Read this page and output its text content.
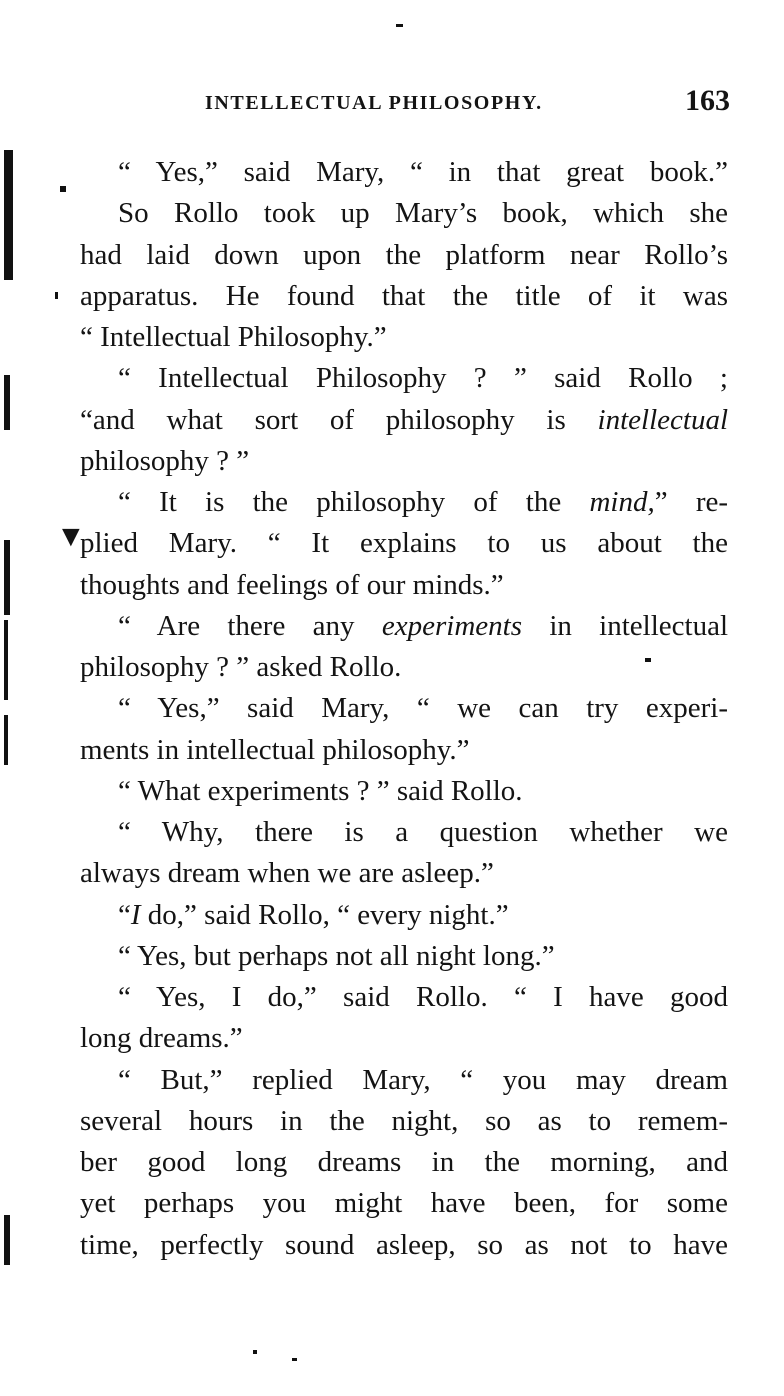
▼
INTELLECTUAL PHILOSOPHY.	163
“ Yes,” said Mary, “ in that great book.”
So Rollo took up Mary’s book, which she
had laid down upon the platform near Rollo’s
apparatus. He found that the title of it was
“ Intellectual Philosophy.”
“ Intellectual Philosophy ? ” said Rollo ;
“and what sort of philosophy is intellectual
philosophy ? ”
“ It is the philosophy of the mind,” re-
plied Mary. “ It explains to us about the
thoughts and feelings of our minds.”
“ Are there any experiments in intellectual
philosophy ? ” asked Rollo.
“ Yes,” said Mary, “ we can try experi-
ments in intellectual philosophy.”
“ What experiments ? ” said Rollo.
“ Why, there is a question whether we
always dream when we are asleep.”
“I do,” said Rollo, “ every night.”
“ Yes, but perhaps not all night long.”
“ Yes, I do,” said Rollo. “ I have good
long dreams.”
“ But,” replied Mary, “ you may dream
several hours in the night, so as to remem-
ber good long dreams in the morning, and
yet perhaps you might have been, for some
time, perfectly sound asleep, so as not to have
